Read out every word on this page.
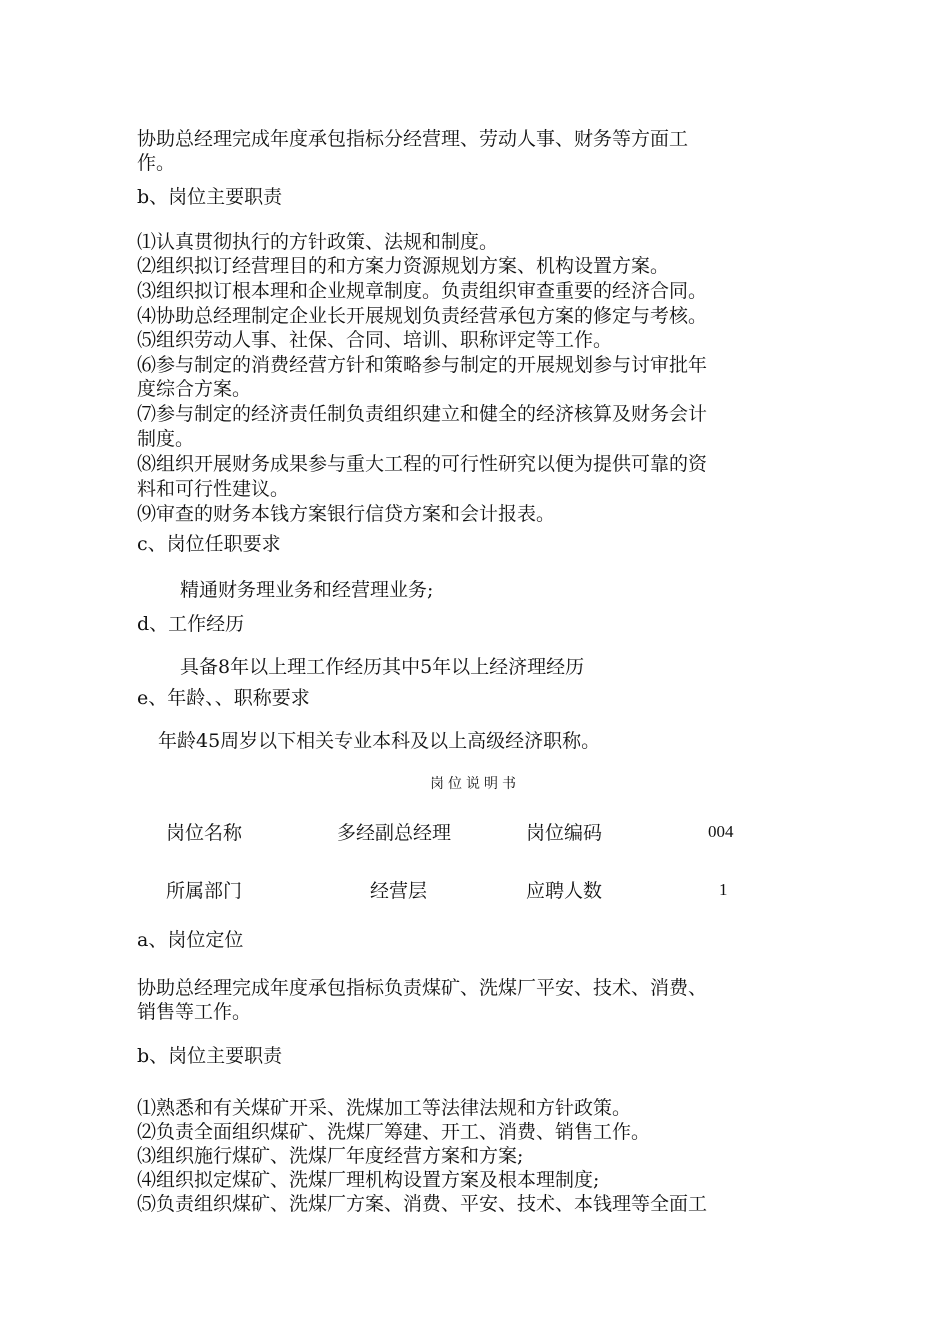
协助总经理完成年度承包指标分经营理、劳动人事、财务等方面工
作。
b、岗位主要职责
⑴认真贯彻执行的方针政策、法规和制度。
⑵组织拟订经营理目的和方案力资源规划方案、机构设置方案。
⑶组织拟订根本理和企业规章制度。负责组织审查重要的经济合同。
⑷协助总经理制定企业长开展规划负责经营承包方案的修定与考核。
⑸组织劳动人事、社保、合同、培训、职称评定等工作。
⑹参与制定的消费经营方针和策略参与制定的开展规划参与讨审批年
度综合方案。
⑺参与制定的经济责任制负责组织建立和健全的经济核算及财务会计
制度。
⑻组织开展财务成果参与重大工程的可行性研究以便为提供可靠的资
料和可行性建议。
⑼审查的财务本钱方案银行信贷方案和会计报表。
c、岗位任职要求
精通财务理业务和经营理业务;
d、工作经历
具备8年以上理工作经历其中5年以上经济理经历
e、年龄、、职称要求
年龄45周岁以下相关专业本科及以上高级经济职称。
岗位说明书
岗位名称	多经副总经理	岗位编码	004
所属部门	经营层	应聘人数	1
a、岗位定位
协助总经理完成年度承包指标负责煤矿、洗煤厂平安、技术、消费、
销售等工作。
b、岗位主要职责
⑴熟悉和有关煤矿开采、洗煤加工等法律法规和方针政策。
⑵负责全面组织煤矿、洗煤厂筹建、开工、消费、销售工作。
⑶组织施行煤矿、洗煤厂年度经营方案和方案;
⑷组织拟定煤矿、洗煤厂理机构设置方案及根本理制度;
⑸负责组织煤矿、洗煤厂方案、消费、平安、技术、本钱理等全面工
